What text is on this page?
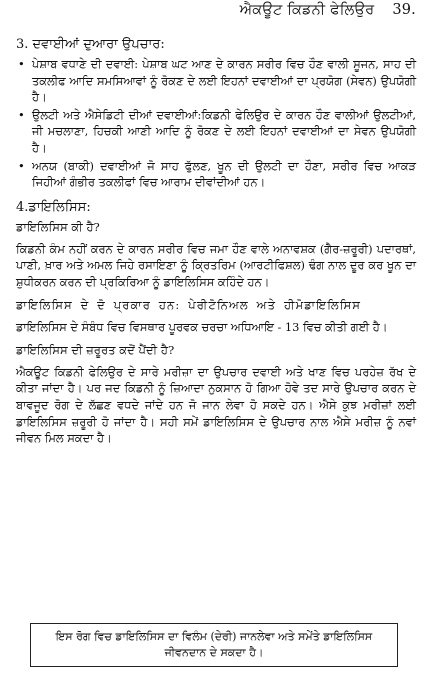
ਐਕਊਟ ਕਿਡਨੀ ਫੇਲਿਉਰ 39.
3. ਦਵਾਈਆਂ ਦੁਆਰਾ ਉਪਚਾਰ:
• ਪੇਸ਼ਾਬ ਵਧਾਣੇ ਦੀ ਦਵਾਈ: ਪੇਸ਼ਾਬ ਘਟ ਆਣ ਦੇ ਕਾਰਨ ਸਰੀਰ ਵਿਚ ਹੌਣ ਵਾਲੀ ਸੂਜਨ, ਸਾਹ ਦੀ ਤਕਲੀਫ ਆਦਿ ਸਮਸਿਆਵਾਂ ਨੂੰ ਰੋਕਣ ਦੇ ਲਈ ਇਹਨਾਂ ਦਵਾਈਆਂ ਦਾ ਪ੍ਰਯੋਗ (ਸੇਵਨ) ਉਪਯੋਗੀ ਹੈ।
• ਉਲਟੀ ਅਤੇ ਐਸੇਡਿਟੀ ਦੀਆਂ ਦਵਾਈਆਂ:ਕਿਡਨੀ ਫੇਲਿਉਰ ਦੇ ਕਾਰਨ ਹੌਣ ਵਾਲੀਆਂ ਉਲਟੀਆਂ, ਜੀ ਮਚਲਾਣਾ, ਹਿਚਕੀ ਆਣੀ ਆਦਿ ਨੂੰ ਰੋਕਣ ਦੇ ਲਈ ਇਹਨਾਂ ਦਵਾਈਆਂ ਦਾ ਸੇਵਨ ਉਪਯੋਗੀ ਹੈ।
• ਅਨਯ (ਬਾਕੀ) ਦਵਾਈਆਂ ਜੋ ਸਾਹ ਫੁੱਲਣ, ਖੂਨ ਦੀ ਉਲਟੀ ਦਾ ਹੌਣਾ, ਸਰੀਰ ਵਿਚ ਆਕੜ ਜਿਹੀਆਂ ਗੰਭੀਰ ਤਕਲੀਫਾਂ ਵਿਚ ਆਰਾਮ ਦੀਵਾਂਦੀਆਂ ਹਨ।
4.ਡਾਇਲਿਸਿਸ:
ਡਾਇਲਿਸਿਸ ਕੀ ਹੈ?

ਕਿਡਨੀ ਕੰਮ ਨਹੀਂ ਕਰਨ ਦੇ ਕਾਰਨ ਸਰੀਰ ਵਿਚ ਜਮਾ ਹੌਣ ਵਾਲੇ ਅਨਾਵਸ਼ਕ (ਗੈਰ-ਜ਼ਰੂਰੀ) ਪਦਾਰਥਾਂ, ਪਾਣੀ, ਖ਼ਾਰ ਅਤੇ ਅਮਲ ਜਿਹੇ ਰਸਾਇਣਾ ਨੂੰ ਕ੍ਰਿਤਰਿਮ (ਆਰਟੀਫਿਸ਼ਲ) ਢੰਗ ਨਾਲ ਦੂਰ ਕਰ ਖੂਨ ਦਾ ਸ਼ੁਧੀਕਰਨ ਕਰਨ ਦੀ ਪ੍ਰਕਿਰਿਆ ਨੂੰ ਡਾਇਲਿਸਿਸ ਕਹਿੰਦੇ ਹਨ।

ਡਾਇਲਿਸਿਸ ਦੇ ਦੋ ਪ੍ਰਕਾਰ ਹਨ: ਪੇਰੀਟੋਨਿਅਲ ਅਤੇ ਹੀਮੋਡਾਇਲਿਸਿਸ

ਡਾਇਲਿਸਿਸ ਦੇ ਸੰਬੰਧ ਵਿਚ ਵਿਸਥਾਰ ਪੂਰਵਕ ਚਰਚਾ ਅਧਿਆਇ - 13 ਵਿਚ ਕੀਤੀ ਗਈ ਹੈ।

ਡਾਇਲਿਸਿਸ ਦੀ ਜ਼ਰੂਰਤ ਕਦੋਂ ਪੈਂਦੀ ਹੈ?

ਐਕਊਟ ਕਿਡਨੀ ਫੇਲਿਉਰ ਦੇ ਸਾਰੇ ਮਰੀਜ਼ਾ ਦਾ ਉਪਚਾਰ ਦਵਾਈ ਅਤੇ ਖਾਣ ਵਿਚ ਪਰਹੇਜ਼ ਰੱਖ ਦੇ ਕੀਤਾ ਜਾਂਦਾ ਹੈ। ਪਰ ਜਦ ਕਿਡਨੀ ਨੂੰ ਜ਼ਿਆਦਾ ਨੁਕਸਾਨ ਹੋ ਗਿਆ ਹੋਵੇ ਤਦ ਸਾਰੇ ਉਪਚਾਰ ਕਰਨ ਦੇ ਬਾਵਜੂਦ ਰੋਗ ਦੇ ਲੱਛਣ ਵਧਦੇ ਜਾਂਦੇ ਹਨ ਜੋ ਜਾਨ ਲੇਵਾ ਹੋ ਸਕਦੇ ਹਨ। ਐਸੇ ਕੁਝ ਮਰੀਜ਼ਾਂ ਲਈ ਡਾਇਲਿਸਿਸ ਜ਼ਰੂਰੀ ਹੋ ਜਾਂਦਾ ਹੈ। ਸਹੀ ਸਮੇਂ ਡਾਇਲਿਸਿਸ ਦੇ ਉਪਚਾਰ ਨਾਲ ਐਸੇ ਮਰੀਜ਼ ਨੂੰ ਨਵਾਂ ਜੀਵਨ ਮਿਲ ਸਕਦਾ ਹੈ।

ਇਸ ਰੋਗ ਵਿਚ ਡਾਇਲਿਸਿਸ ਦਾ ਵਿਲੰਮ (ਦੇਰੀ) ਜਾਨਲੇਵਾ ਅਤੇ ਸਮੇਂਤੇ ਡਾਇਲਿਸਿਸ ਜੀਵਨਦਾਨ ਦੇ ਸਕਦਾ ਹੈ।
